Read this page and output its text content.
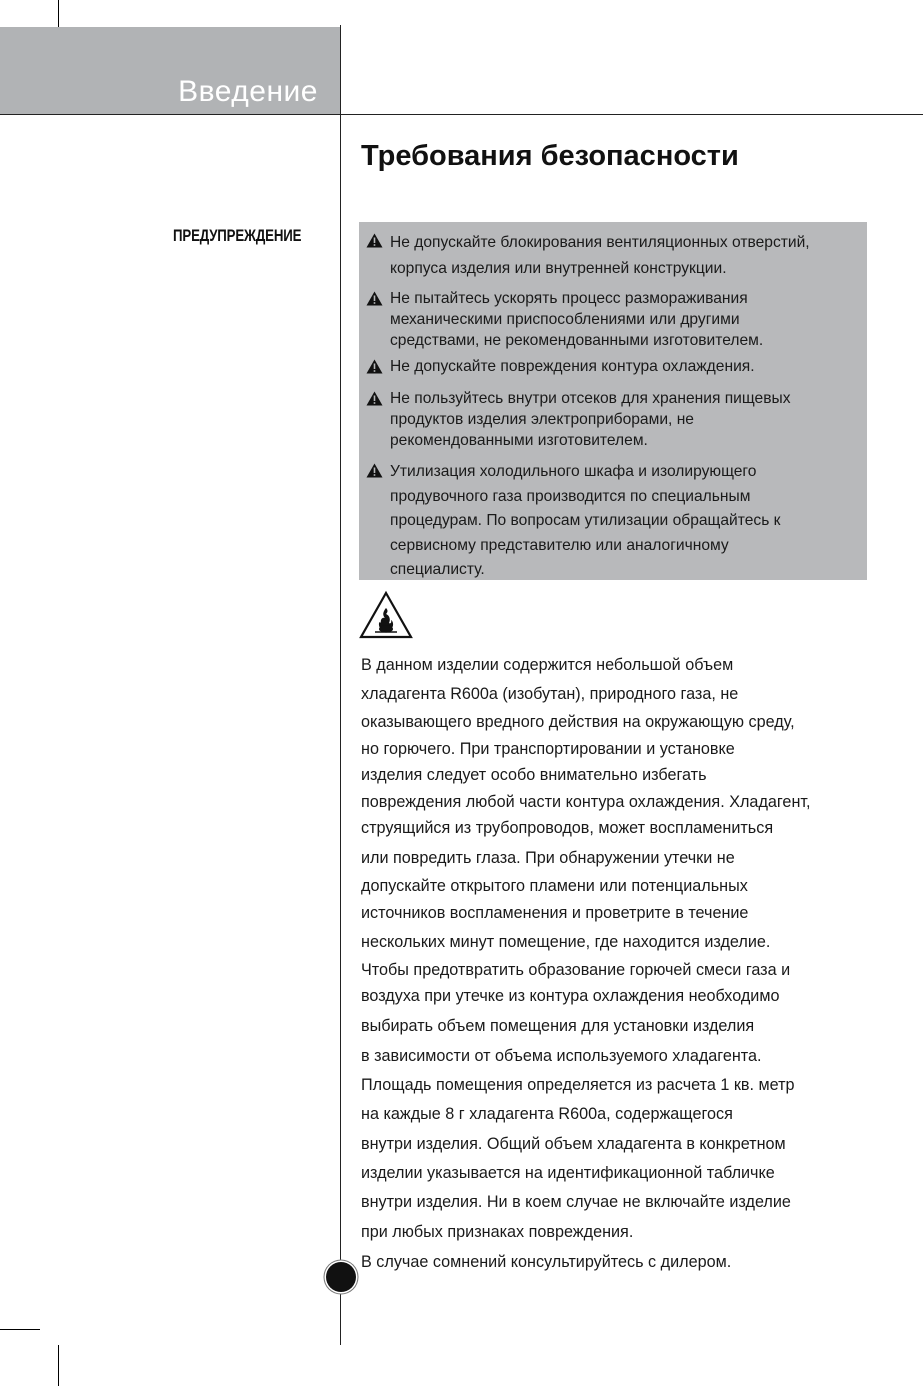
Введение
Требования безопасности
ПРЕДУПРЕЖДЕНИЕ	Не допускайте блокирования вентиляционных отверстий,
корпуса изделия или внутренней конструкции.
Не пытайтесь ускорять процесс размораживания
механическими приспособлениями или другими
средствами, не рекомендованными изготовителем.
Не допускайте повреждения контура охлаждения.
Не пользуйтесь внутри отсеков для хранения пищевых
продуктов изделия электроприборами, не
рекомендованными изготовителем.
Утилизация холодильного шкафа и изолирующего
продувочного газа производится по специальным
процедурам. По вопросам утилизации обращайтесь к
сервисному представителю или аналогичному
специалисту.
В данном изделии содержится небольшой объем
хладагента R600a (изобутан), природного газа, не
оказывающего вредного действия на окружающую среду,
но горючего. При транспортировании и установке
изделия следует особо внимательно избегать
повреждения любой части контура охлаждения. Хладагент,
струящийся из трубопроводов, может воспламениться
или повредить глаза. При обнаружении утечки не
допускайте открытого пламени или потенциальных
источников воспламенения и проветрите в течение
нескольких минут помещение, где находится изделие.
Чтобы предотвратить образование горючей смеси газа и
воздуха при утечке из контура охлаждения необходимо
выбирать объем помещения для установки изделия
в зависимости от объема используемого хладагента.
Площадь помещения определяется из расчета 1 кв. метр
на каждые 8 г хладагента R600a, содержащегося
внутри изделия. Общий объем хладагента в конкретном
изделии указывается на идентификационной табличке
внутри изделия. Ни в коем случае не включайте изделие
при любых признаках повреждения.
В случае сомнений консультируйтесь с дилером.
